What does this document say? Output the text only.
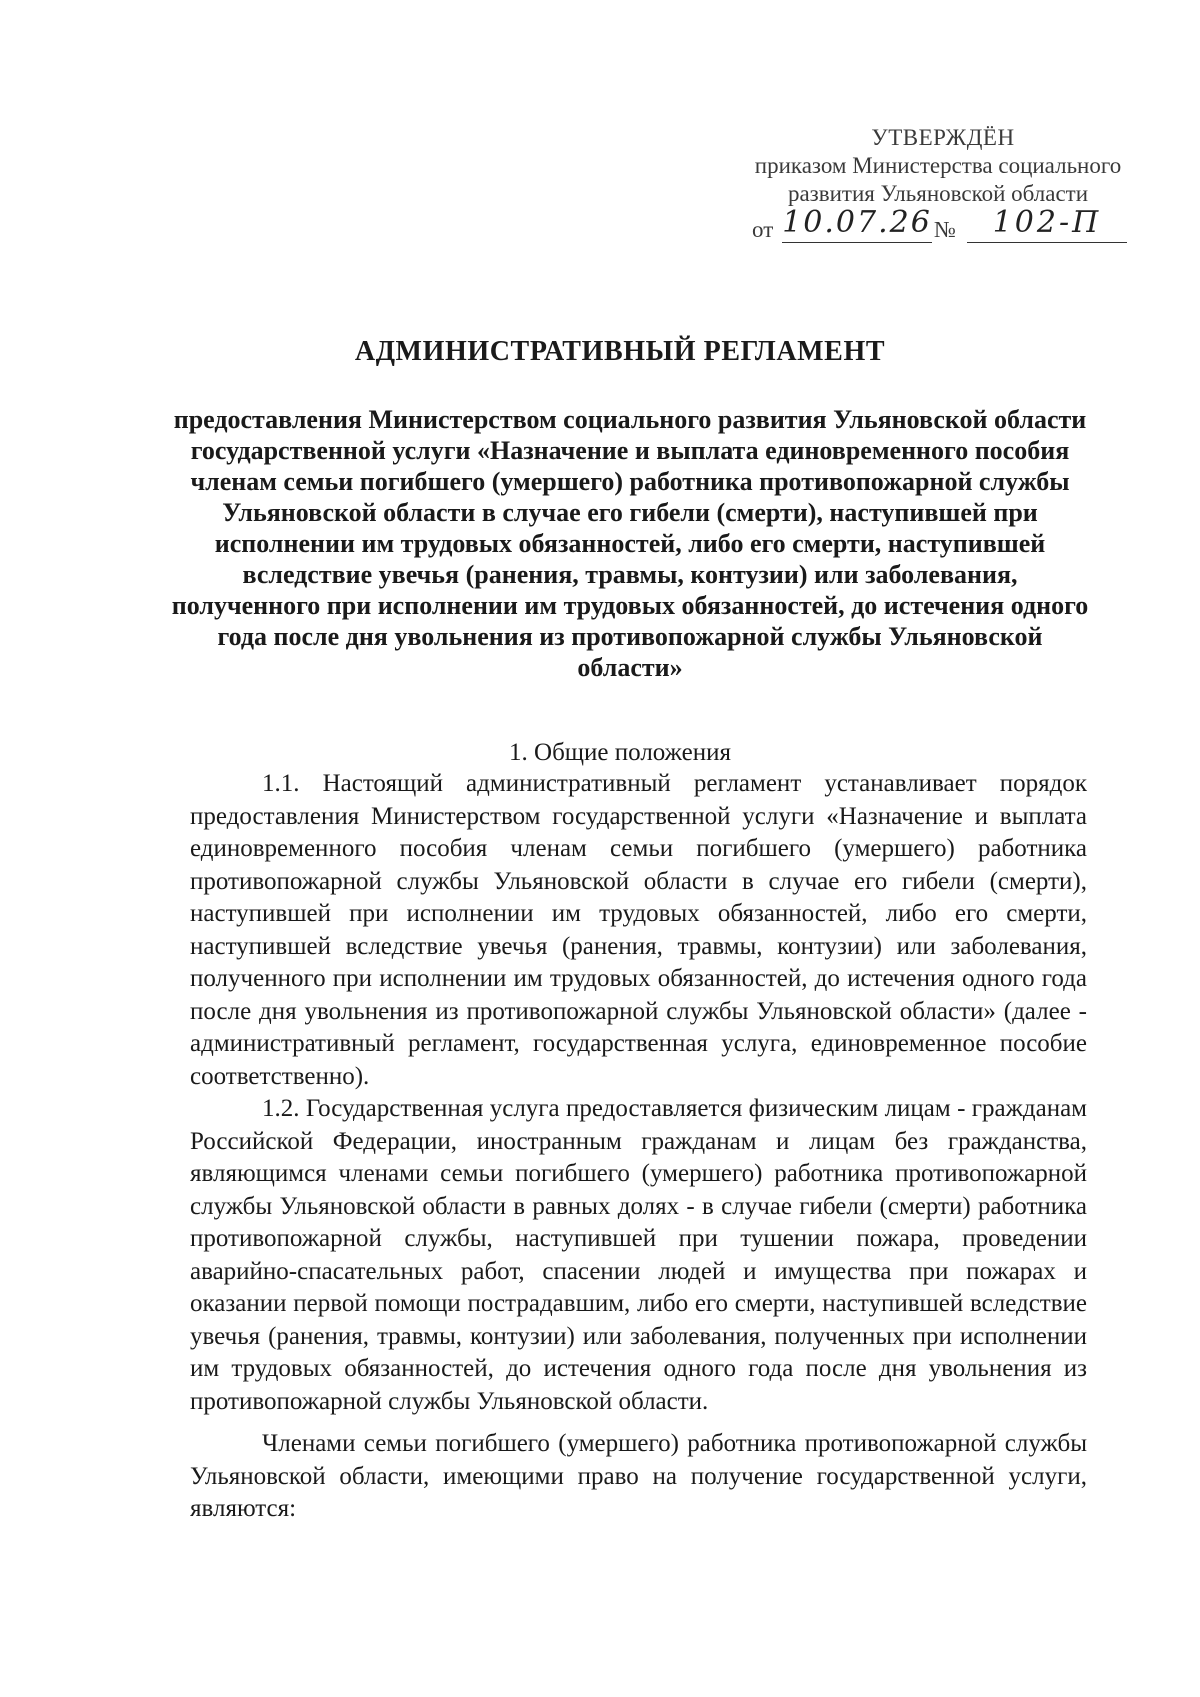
УТВЕРЖДЁН
приказом Министерства социального
развития Ульяновской области
от 10.07.26 №	102-П
АДМИНИСТРАТИВНЫЙ РЕГЛАМЕНТ
предоставления Министерством социального развития Ульяновской области государственной услуги «Назначение и выплата единовременного пособия членам семьи погибшего (умершего) работника противопожарной службы Ульяновской области в случае его гибели (смерти), наступившей при исполнении им трудовых обязанностей, либо его смерти, наступившей вследствие увечья (ранения, травмы, контузии) или заболевания, полученного при исполнении им трудовых обязанностей, до истечения одного года после дня увольнения из противопожарной службы Ульяновской области»
1. Общие положения

1.1. Настоящий административный регламент устанавливает порядок предоставления Министерством государственной услуги «Назначение и выплата единовременного пособия членам семьи погибшего (умершего) работника противопожарной службы Ульяновской области в случае его гибели (смерти), наступившей при исполнении им трудовых обязанностей, либо его смерти, наступившей вследствие увечья (ранения, травмы, контузии) или заболевания, полученного при исполнении им трудовых обязанностей, до истечения одного года после дня увольнения из противопожарной службы Ульяновской области» (далее - административный регламент, государственная услуга, единовременное пособие соответственно).

1.2. Государственная услуга предоставляется физическим лицам - гражданам Российской Федерации, иностранным гражданам и лицам без гражданства, являющимся членами семьи погибшего (умершего) работника противопожарной службы Ульяновской области в равных долях - в случае гибели (смерти) работника противопожарной службы, наступившей при тушении пожара, проведении аварийно-спасательных работ, спасении людей и имущества при пожарах и оказании первой помощи пострадавшим, либо его смерти, наступившей вследствие увечья (ранения, травмы, контузии) или заболевания, полученных при исполнении им трудовых обязанностей, до истечения одного года после дня увольнения из противопожарной службы Ульяновской области.

Членами семьи погибшего (умершего) работника противопожарной службы Ульяновской области, имеющими право на получение государственной услуги, являются:
